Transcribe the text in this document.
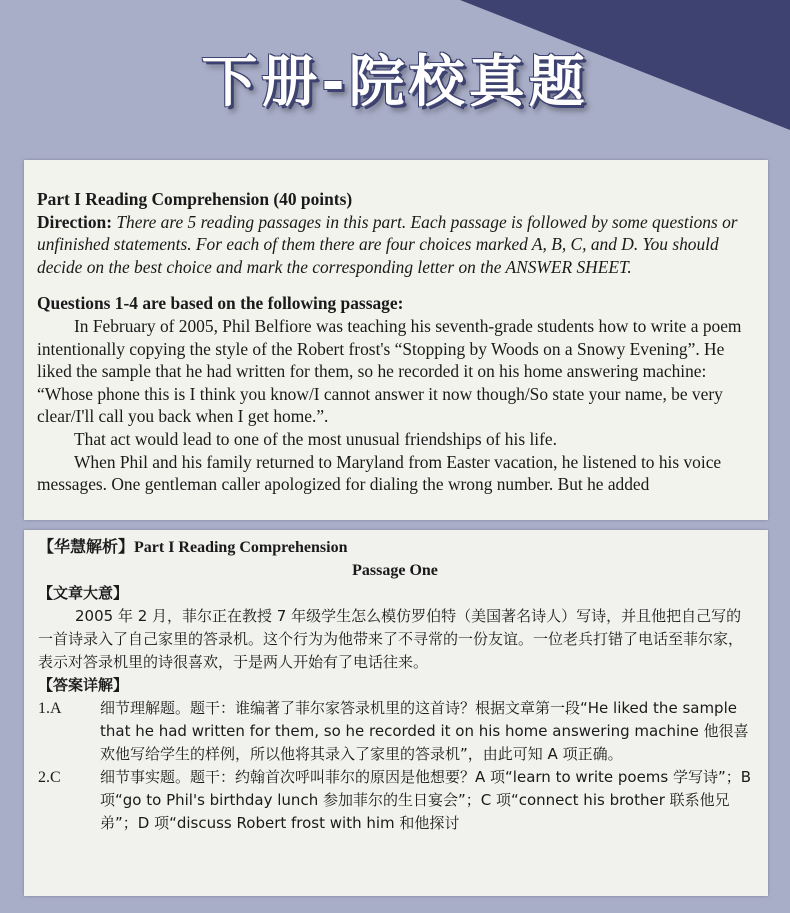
下册-院校真题

Part I Reading Comprehension (40 points)

Direction: There are 5 reading passages in this part. Each passage is followed by some questions or unfinished statements. For each of them there are four choices marked A, B, C, and D. You should decide on the best choice and mark the corresponding letter on the ANSWER SHEET.

Questions 1-4 are based on the following passage:

In February of 2005, Phil Belfiore was teaching his seventh-grade students how to write a poem intentionally copying the style of the Robert frost's “Stopping by Woods on a Snowy Evening”. He liked the sample that he had written for them, so he recorded it on his home answering machine: “Whose phone this is I think you know/I cannot answer it now though/So state your name, be very clear/I'll call you back when I get home.”.

That act would lead to one of the most unusual friendships of his life.

When Phil and his family returned to Maryland from Easter vacation, he listened to his voice messages. One gentleman caller apologized for dialing the wrong number. But he added

【华慧解析】Part I Reading Comprehension

Passage One

【文章大意】

2005 年 2 月，菲尔正在教授 7 年级学生怎么模仿罗伯特（美国著名诗人）写诗，并且他把自己写的一首诗录入了自己家里的答录机。这个行为为他带来了不寻常的一份友谊。一位老兵打错了电话至菲尔家，表示对答录机里的诗很喜欢，于是两人开始有了电话往来。

【答案详解】

1.A	细节理解题。题干：谁编著了菲尔家答录机里的这首诗？根据文章第一段“He liked the sample that he had written for them, so he recorded it on his home answering machine 他很喜欢他写给学生的样例，所以他将其录入了家里的答录机”，由此可知 A 项正确。
2.C	细节事实题。题干：约翰首次呼叫菲尔的原因是他想要？A 项“learn to write poems 学写诗”；B 项“go to Phil's birthday lunch 参加菲尔的生日宴会”；C 项“connect his brother 联系他兄弟”；D 项“discuss Robert frost with him 和他探讨
